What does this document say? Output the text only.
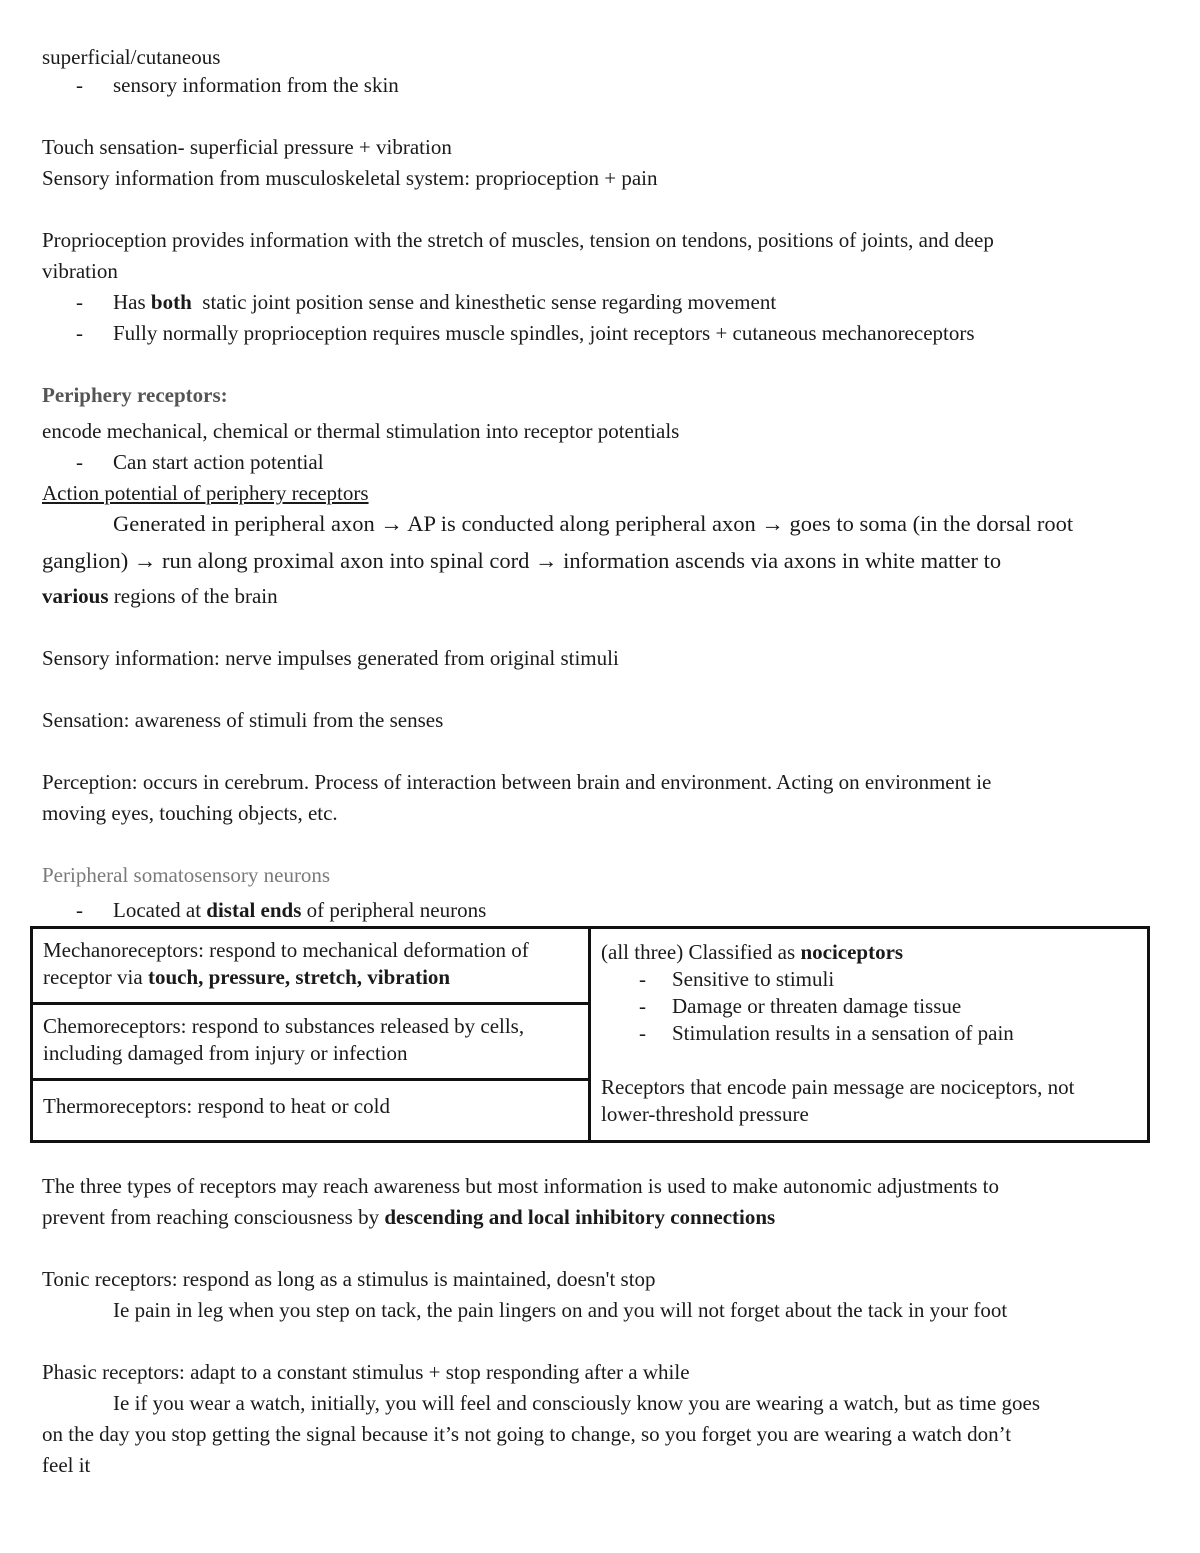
superficial/cutaneous
- sensory information from the skin
Touch sensation- superficial pressure + vibration
Sensory information from musculoskeletal system: proprioception + pain
Proprioception provides information with the stretch of muscles, tension on tendons, positions of joints, and deep
vibration
- Has both  static joint position sense and kinesthetic sense regarding movement
- Fully normally proprioception requires muscle spindles, joint receptors + cutaneous mechanoreceptors
Periphery receptors:
encode mechanical, chemical or thermal stimulation into receptor potentials
- Can start action potential
Action potential of periphery receptors
Generated in peripheral axon → AP is conducted along peripheral axon → goes to soma (in the dorsal root
ganglion) → run along proximal axon into spinal cord → information ascends via axons in white matter to
various regions of the brain
Sensory information: nerve impulses generated from original stimuli
Sensation: awareness of stimuli from the senses
Perception: occurs in cerebrum. Process of interaction between brain and environment. Acting on environment ie
moving eyes, touching objects, etc.
Peripheral somatosensory neurons
- Located at distal ends of peripheral neurons
Mechanoreceptors: respond to mechanical deformation of receptor via touch, pressure, stretch, vibration	
(all three) Classified as nociceptors
- Sensitive to stimuli
- Damage or threaten damage tissue
- Stimulation results in a sensation of pain
Receptors that encode pain message are nociceptors, not lower-threshold pressure

Chemoreceptors: respond to substances released by cells, including damaged from injury or infection
Thermoreceptors: respond to heat or cold
The three types of receptors may reach awareness but most information is used to make autonomic adjustments to
prevent from reaching consciousness by descending and local inhibitory connections
Tonic receptors: respond as long as a stimulus is maintained, doesn't stop
Ie pain in leg when you step on tack, the pain lingers on and you will not forget about the tack in your foot
Phasic receptors: adapt to a constant stimulus + stop responding after a while
Ie if you wear a watch, initially, you will feel and consciously know you are wearing a watch, but as time goes
on the day you stop getting the signal because it’s not going to change, so you forget you are wearing a watch don’t
feel it
